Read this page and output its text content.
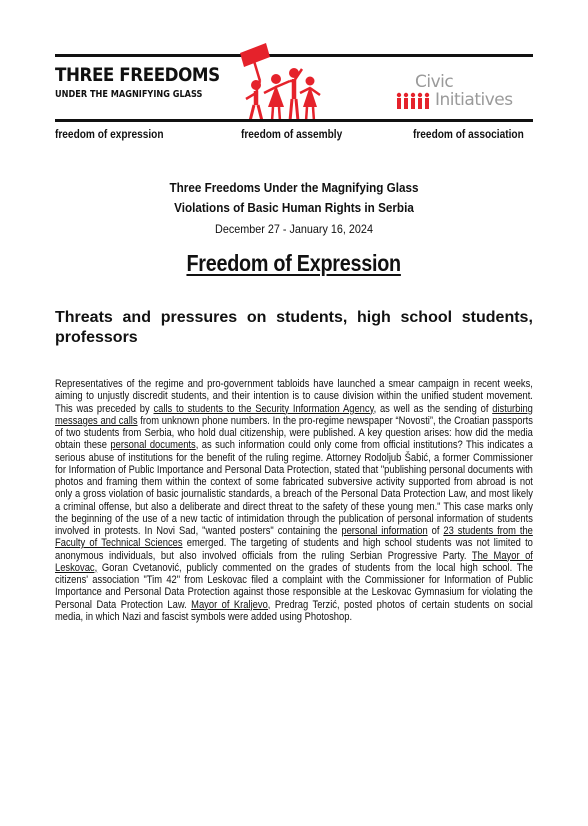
THREE FREEDOMS
UNDER THE MAGNIFYING GLASS
Civic
Initiatives
freedom of expression	freedom of assembly	freedom of association
Three Freedoms Under the Magnifying Glass
Violations of Basic Human Rights in Serbia
December 27 - January 16, 2024
Freedom of Expression
Threats and pressures on students, high school students,
professors
Representatives of the regime and pro-government tabloids have launched a smear campaign in recent weeks, aiming to unjustly discredit students, and their intention is to cause division within the unified student movement. This was preceded by calls to students to the Security Information Agency, as well as the sending of disturbing messages and calls from unknown phone numbers. In the pro-regime newspaper “Novosti”, the Croatian passports of two students from Serbia, who hold dual citizenship, were published. A key question arises: how did the media obtain these personal documents, as such information could only come from official institutions? This indicates a serious abuse of institutions for the benefit of the ruling regime. Attorney Rodoljub Šabić, a former Commissioner for Information of Public Importance and Personal Data Protection, stated that "publishing personal documents with photos and framing them within the context of some fabricated subversive activity supported from abroad is not only a gross violation of basic journalistic standards, a breach of the Personal Data Protection Law, and most likely a criminal offense, but also a deliberate and direct threat to the safety of these young men." This case marks only the beginning of the use of a new tactic of intimidation through the publication of personal information of students involved in protests. In Novi Sad, "wanted posters" containing the personal information of 23 students from the Faculty of Technical Sciences emerged. The targeting of students and high school students was not limited to anonymous individuals, but also involved officials from the ruling Serbian Progressive Party. The Mayor of Leskovac, Goran Cvetanović, publicly commented on the grades of students from the local high school. The citizens' association "Tim 42" from Leskovac filed a complaint with the Commissioner for Information of Public Importance and Personal Data Protection against those responsible at the Leskovac Gymnasium for violating the Personal Data Protection Law. Mayor of Kraljevo, Predrag Terzić, posted photos of certain students on social media, in which Nazi and fascist symbols were added using Photoshop.
